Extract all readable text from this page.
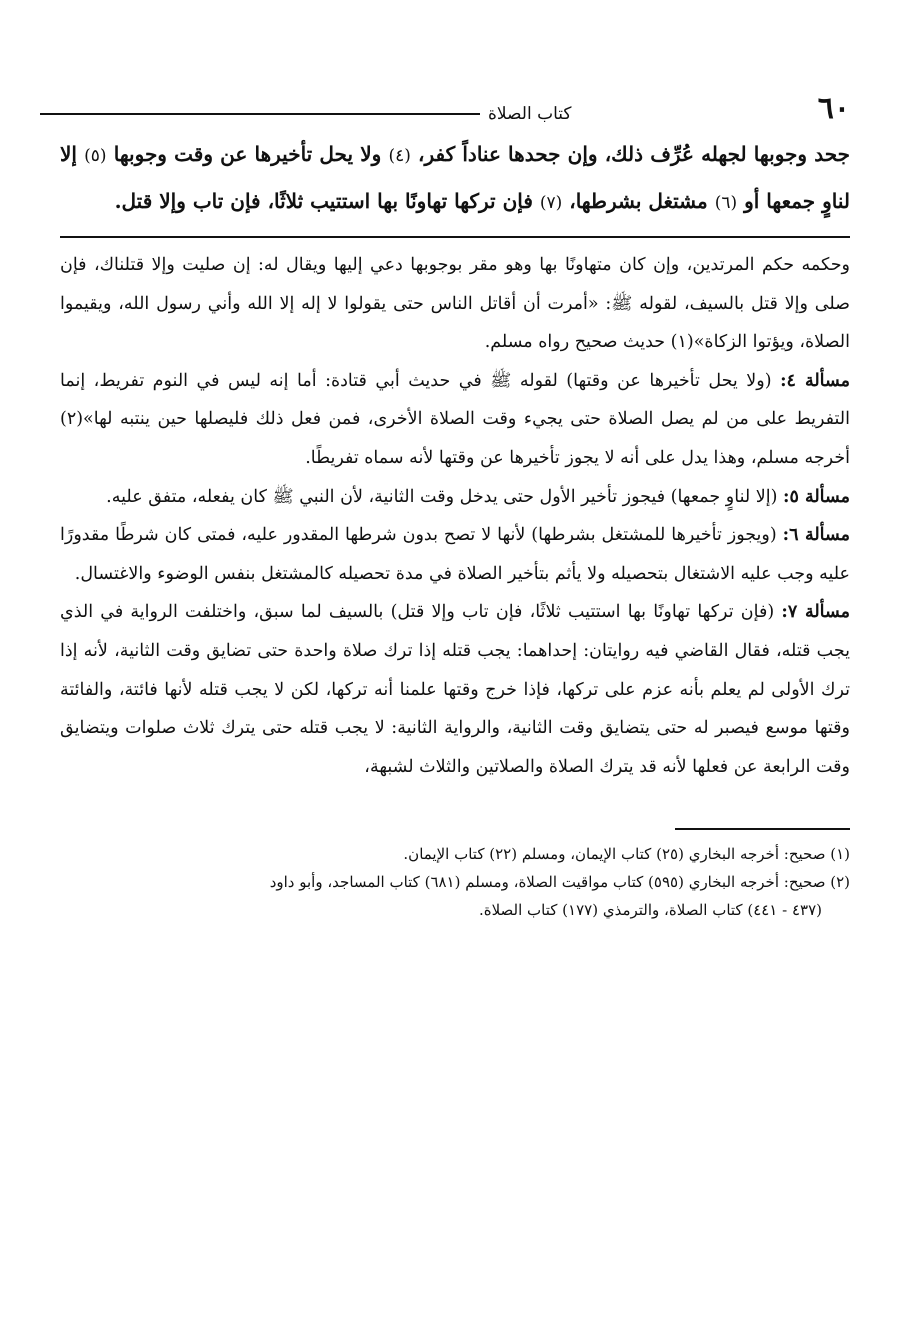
٦٠
كتاب الصلاة
جحد وجوبها لجهله عُرِّف ذلك، وإن جحدها عناداً كفر، (٤) ولا يحل تأخيرها عن وقت وجوبها (٥) إلا لناوٍ جمعها أو (٦) مشتغل بشرطها، (٧) فإن تركها تهاونًا بها استتيب ثلاثًا، فإن تاب وإلا قتل.

وحكمه حكم المرتدين، وإن كان متهاونًا بها وهو مقر بوجوبها دعي إليها ويقال له: إن صليت وإلا قتلناك، فإن صلى وإلا قتل بالسيف، لقوله ﷺ: «أمرت أن أقاتل الناس حتى يقولوا لا إله إلا الله وأني رسول الله، ويقيموا الصلاة، ويؤتوا الزكاة»(١) حديث صحيح رواه مسلم.

مسألة ٤: (ولا يحل تأخيرها عن وقتها) لقوله ﷺ في حديث أبي قتادة: أما إنه ليس في النوم تفريط، إنما التفريط على من لم يصل الصلاة حتى يجيء وقت الصلاة الأخرى، فمن فعل ذلك فليصلها حين ينتبه لها»(٢) أخرجه مسلم، وهذا يدل على أنه لا يجوز تأخيرها عن وقتها لأنه سماه تفريطًا.

مسألة ٥: (إلا لناوٍ جمعها) فيجوز تأخير الأول حتى يدخل وقت الثانية، لأن النبي ﷺ كان يفعله، متفق عليه.

مسألة ٦: (ويجوز تأخيرها للمشتغل بشرطها) لأنها لا تصح بدون شرطها المقدور عليه، فمتى كان شرطًا مقدورًا عليه وجب عليه الاشتغال بتحصيله ولا يأثم بتأخير الصلاة في مدة تحصيله كالمشتغل بنفس الوضوء والاغتسال.

مسألة ٧: (فإن تركها تهاونًا بها استتيب ثلاثًا، فإن تاب وإلا قتل) بالسيف لما سبق، واختلفت الرواية في الذي يجب قتله، فقال القاضي فيه روايتان: إحداهما: يجب قتله إذا ترك صلاة واحدة حتى تضايق وقت الثانية، لأنه إذا ترك الأولى لم يعلم بأنه عزم على تركها، فإذا خرج وقتها علمنا أنه تركها، لكن لا يجب قتله لأنها فائتة، والفائتة وقتها موسع فيصبر له حتى يتضايق وقت الثانية، والرواية الثانية: لا يجب قتله حتى يترك ثلاث صلوات ويتضايق وقت الرابعة عن فعلها لأنه قد يترك الصلاة والصلاتين والثلاث لشبهة،

(١) صحيح: أخرجه البخاري (٢٥) كتاب الإيمان، ومسلم (٢٢) كتاب الإيمان.

(٢) صحيح: أخرجه البخاري (٥٩٥) كتاب مواقيت الصلاة، ومسلم (٦٨١) كتاب المساجد، وأبو داود

(٤٣٧ - ٤٤١) كتاب الصلاة، والترمذي (١٧٧) كتاب الصلاة.
